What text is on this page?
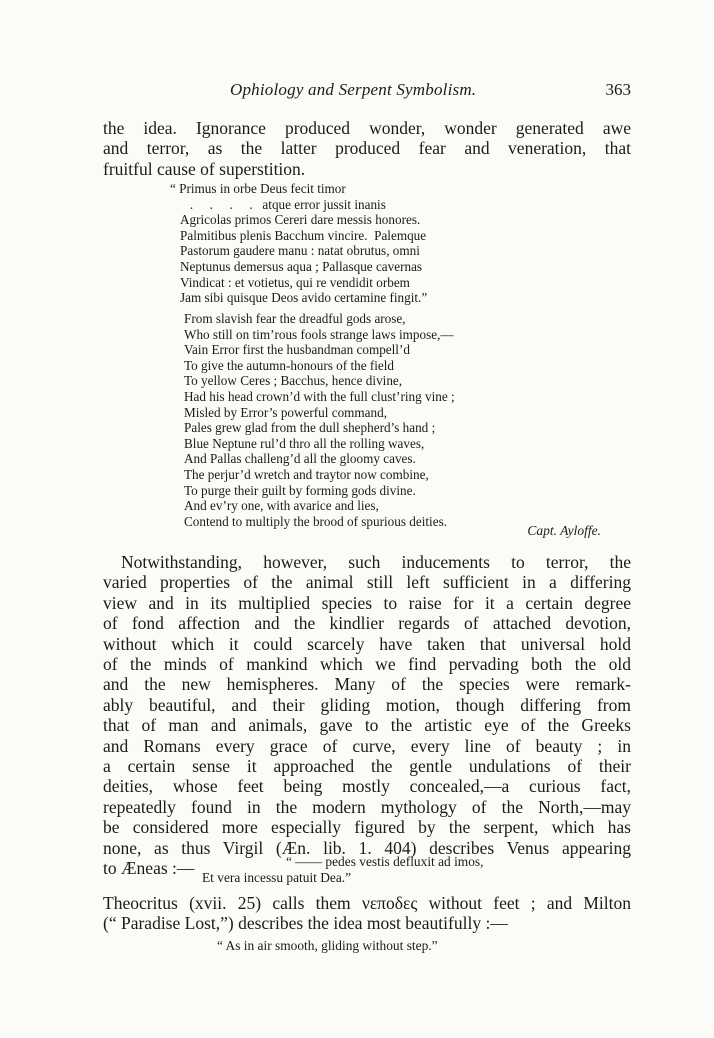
Ophiology and Serpent Symbolism.	363

the idea. Ignorance produced wonder, wonder generated awe
and terror, as the latter produced fear and veneration, that
fruitful cause of superstition.

“ Primus in orbe Deus fecit timor
.     .     .     .   atque error jussit inanis
Agricolas primos Cereri dare messis honores.
Palmitibus plenis Bacchum vincire.  Palemque
Pastorum gaudere manu : natat obrutus, omni
Neptunus demersus aqua ; Pallasque cavernas
Vindicat : et votietus, qui re vendidit orbem
Jam sibi quisque Deos avido certamine fingit.”
From slavish fear the dreadful gods arose,
Who still on tim’rous fools strange laws impose,—
Vain Error first the husbandman compell’d
To give the autumn-honours of the field
To yellow Ceres ; Bacchus, hence divine,
Had his head crown’d with the full clust’ring vine ;
Misled by Error’s powerful command,
Pales grew glad from the dull shepherd’s hand ;
Blue Neptune rul’d thro all the rolling waves,
And Pallas challeng’d all the gloomy caves.
The perjur’d wretch and traytor now combine,
To purge their guilt by forming gods divine.
And ev’ry one, with avarice and lies,
Contend to multiply the brood of spurious deities.
Capt. Ayloffe.

Notwithstanding, however, such inducements to terror, the
varied properties of the animal still left sufficient in a differing
view and in its multiplied species to raise for it a certain degree
of fond affection and the kindlier regards of attached devotion,
without which it could scarcely have taken that universal hold
of the minds of mankind which we find pervading both the old
and the new hemispheres. Many of the species were remark-
ably beautiful, and their gliding motion, though differing from
that of man and animals, gave to the artistic eye of the Greeks
and Romans every grace of curve, every line of beauty ; in
a certain sense it approached the gentle undulations of their
deities, whose feet being mostly concealed,—a curious fact,
repeatedly found in the modern mythology of the North,—may
be considered more especially figured by the serpent, which has
none, as thus Virgil (Æn. lib. 1. 404) describes Venus appearing
to Æneas :—	“ —— pedes vestis defluxit ad imos,
Et vera incessu patuit Dea.”

Theocritus (xvii. 25) calls them νεποδες without feet ; and Milton
(“ Paradise Lost,”) describes the idea most beautifully :—

“ As in air smooth, gliding without step.”
